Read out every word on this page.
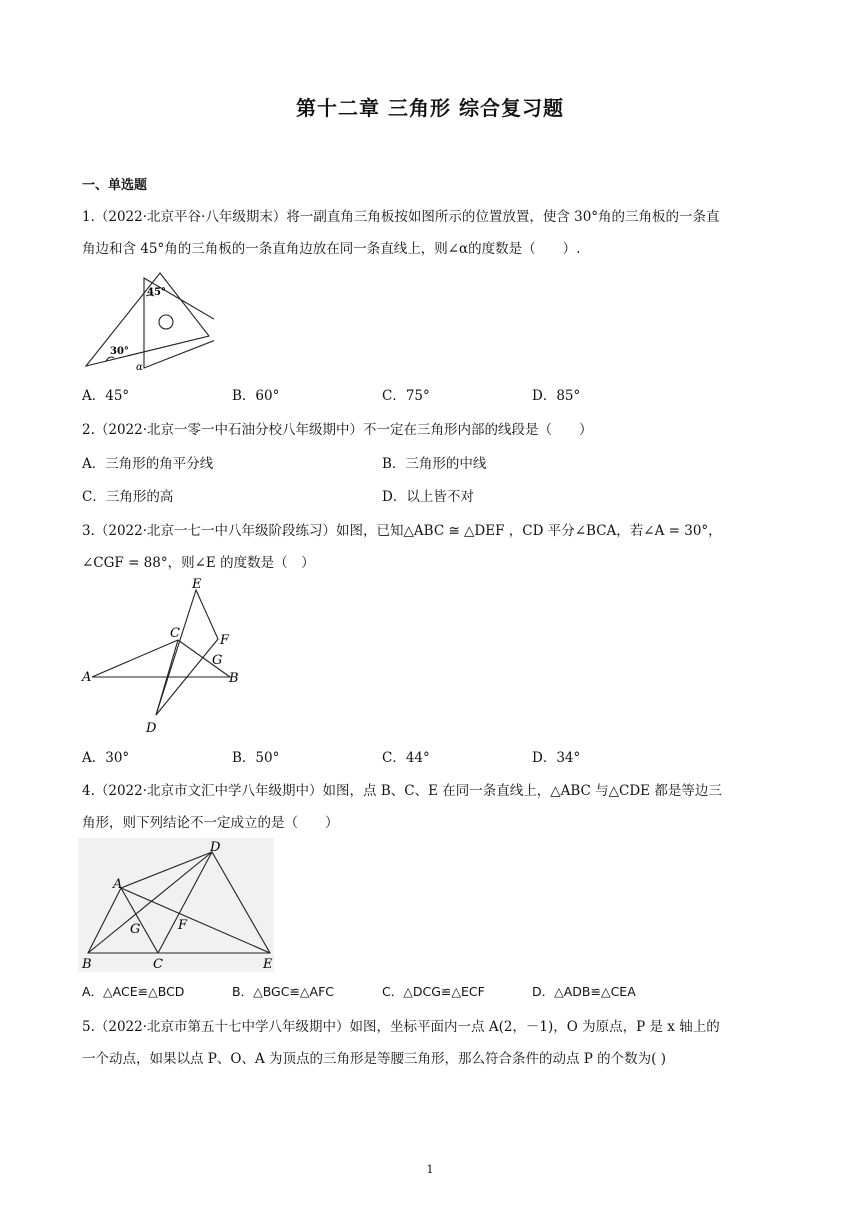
第十二章 三角形 综合复习题
一、单选题
1.（2022·北京平谷·八年级期末）将一副直角三角板按如图所示的位置放置，使含 30°角的三角板的一条直
角边和含 45°角的三角板的一条直角边放在同一条直线上，则∠α的度数是（　　）.
45°
30°
α
A．45°	B．60°	C．75°	D．85°
2.（2022·北京一零一中石油分校八年级期中）不一定在三角形内部的线段是（　　）
A．三角形的角平分线	B．三角形的中线
C．三角形的高	D．以上皆不对
3.（2022·北京一七一中八年级阶段练习）如图，已知△ABC ≅ △DEF ，CD 平分∠BCA，若∠A = 30°，
∠CGF = 88°，则∠E 的度数是（　）
E
C	F
G
A	B
D
A．30°	B．50°	C．44°	D．34°
4.（2022·北京市文汇中学八年级期中）如图，点 B、C、E 在同一条直线上，△ABC 与△CDE 都是等边三
角形，则下列结论不一定成立的是（　　）
D
A
G	F
B	C	E
A．△ACE≌△BCD	B．△BGC≌△AFC	C．△DCG≌△ECF	D．△ADB≌△CEA
5.（2022·北京市第五十七中学八年级期中）如图，坐标平面内一点 A(2，－1)，O 为原点，P 是 x 轴上的
一个动点，如果以点 P、O、A 为顶点的三角形是等腰三角形，那么符合条件的动点 P 的个数为( )
1
